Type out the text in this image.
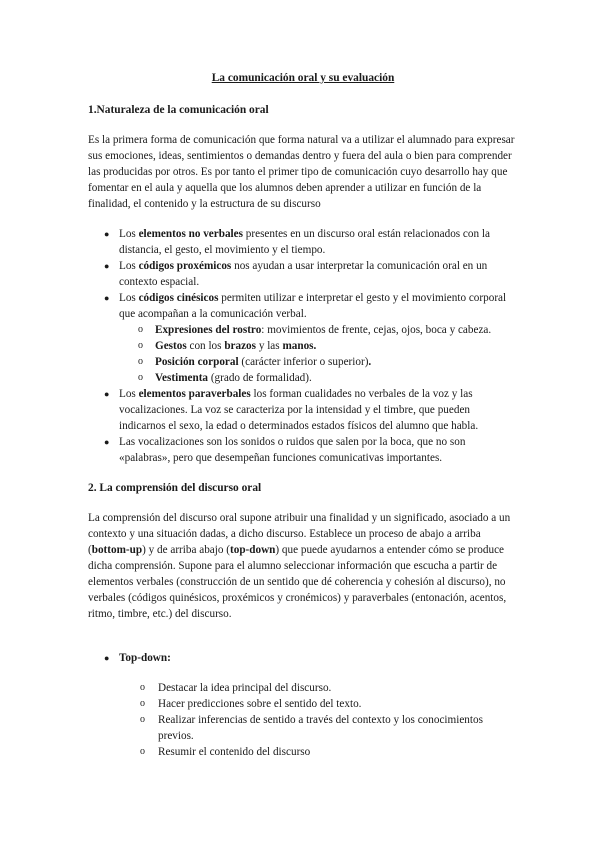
La comunicación oral y su evaluación
1.Naturaleza de la comunicación oral

Es la primera forma de comunicación que forma natural va a utilizar el alumnado para expresar sus emociones, ideas, sentimientos o demandas dentro y fuera del aula o bien para comprender las producidas por otros. Es por tanto el primer tipo de comunicación cuyo desarrollo hay que fomentar en el aula y aquella que los alumnos deben aprender a utilizar en función de la finalidad, el contenido y la estructura de su discurso

● Los elementos no verbales presentes en un discurso oral están relacionados con la distancia, el gesto, el movimiento y el tiempo.
● Los códigos proxémicos nos ayudan a usar interpretar la comunicación oral en un contexto espacial.
● Los códigos cinésicos permiten utilizar e interpretar el gesto y el movimiento corporal que acompañan a la comunicación verbal.
o Expresiones del rostro: movimientos de frente, cejas, ojos, boca y cabeza.
o Gestos con los brazos y las manos.
o Posición corporal (carácter inferior o superior).
o Vestimenta (grado de formalidad).
● Los elementos paraverbales los forman cualidades no verbales de la voz y las vocalizaciones. La voz se caracteriza por la intensidad y el timbre, que pueden indicarnos el sexo, la edad o determinados estados físicos del alumno que habla.
● Las vocalizaciones son los sonidos o ruidos que salen por la boca, que no son «palabras», pero que desempeñan funciones comunicativas importantes.
2. La comprensión del discurso oral

La comprensión del discurso oral supone atribuir una finalidad y un significado, asociado a un contexto y una situación dadas, a dicho discurso. Establece un proceso de abajo a arriba (bottom-up) y de arriba abajo (top-down) que puede ayudarnos a entender cómo se produce dicha comprensión. Supone para el alumno seleccionar información que escucha a partir de elementos verbales (construcción de un sentido que dé coherencia y cohesión al discurso), no verbales (códigos quinésicos, proxémicos y cronémicos) y paraverbales (entonación, acentos, ritmo, timbre, etc.) del discurso.

● Top-down:
o Destacar la idea principal del discurso.
o Hacer predicciones sobre el sentido del texto.
o Realizar inferencias de sentido a través del contexto y los conocimientos previos.
o Resumir el contenido del discurso
